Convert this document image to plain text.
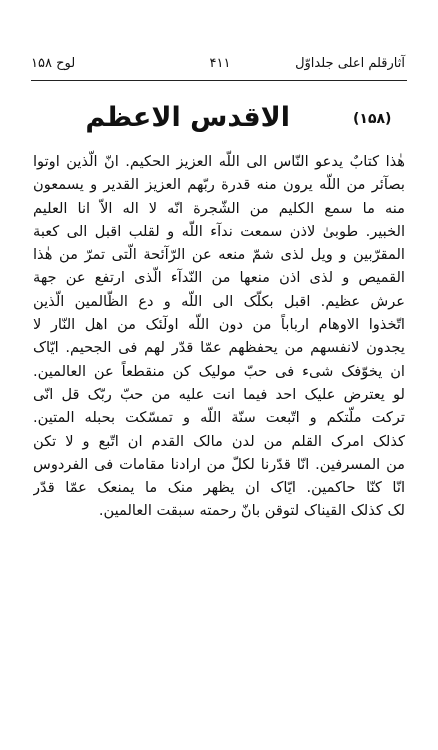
آثارقلم اعلی جلداوّل
۴۱۱
لوح ۱۵۸
الاقدس الاعظم	(۱۵۸)
هٰذا کتابٌ یدعو النّاس الی اللّه العزیز الحکیم. انّ الّذین اوتوا
بصآئر من اللّه یرون منه قدرة ربّهم العزیز القدیر و یسمعون
منه ما سمع الکلیم من الشّجرة انّه لا اله الاّ انا العلیم
الخبیر. طوبیٰ لاذن سمعت ندآء اللّه و لقلب اقبل الی کعبة
المقرّبین و ویل لذی شمّ منعه عن الرّآئحة الّتی تمرّ من هٰذا
القمیص و لذی اذن منعها من النّدآء الّذی ارتفع عن جهة
عرش عظیم. اقبل بکلّک الی اللّه و دع الظّالمین الّذین
اتّخذوا الاوهام ارباباً من دون اللّه اولٓئک من اهل النّار لا
یجدون لانفسهم من یحفظهم عمّا قدّر لهم فی الجحیم. ایّاک
ان یخوّفک شیء فی حبّ مولیک کن منقطعاً عن العالمین.
لو یعترض علیک احد فیما انت علیه من حبّ ربّک قل انّی
ترکت ملّتکم و اتّبعت سنّة اللّه و تمسّکت بحبله المتین.
کذلک امرک القلم من لدن مالک القدم ان اتّبع و لا تکن
من المسرفین. انّا قدّرنا لکلّ من ارادنا مقامات فی الفردوس
انّا کنّا حاکمین. ایّاک ان یظهر منک ما یمنعک عمّا قدّر
لک کذلک القیناک لتوقن بانّ رحمته سبقت العالمین.
